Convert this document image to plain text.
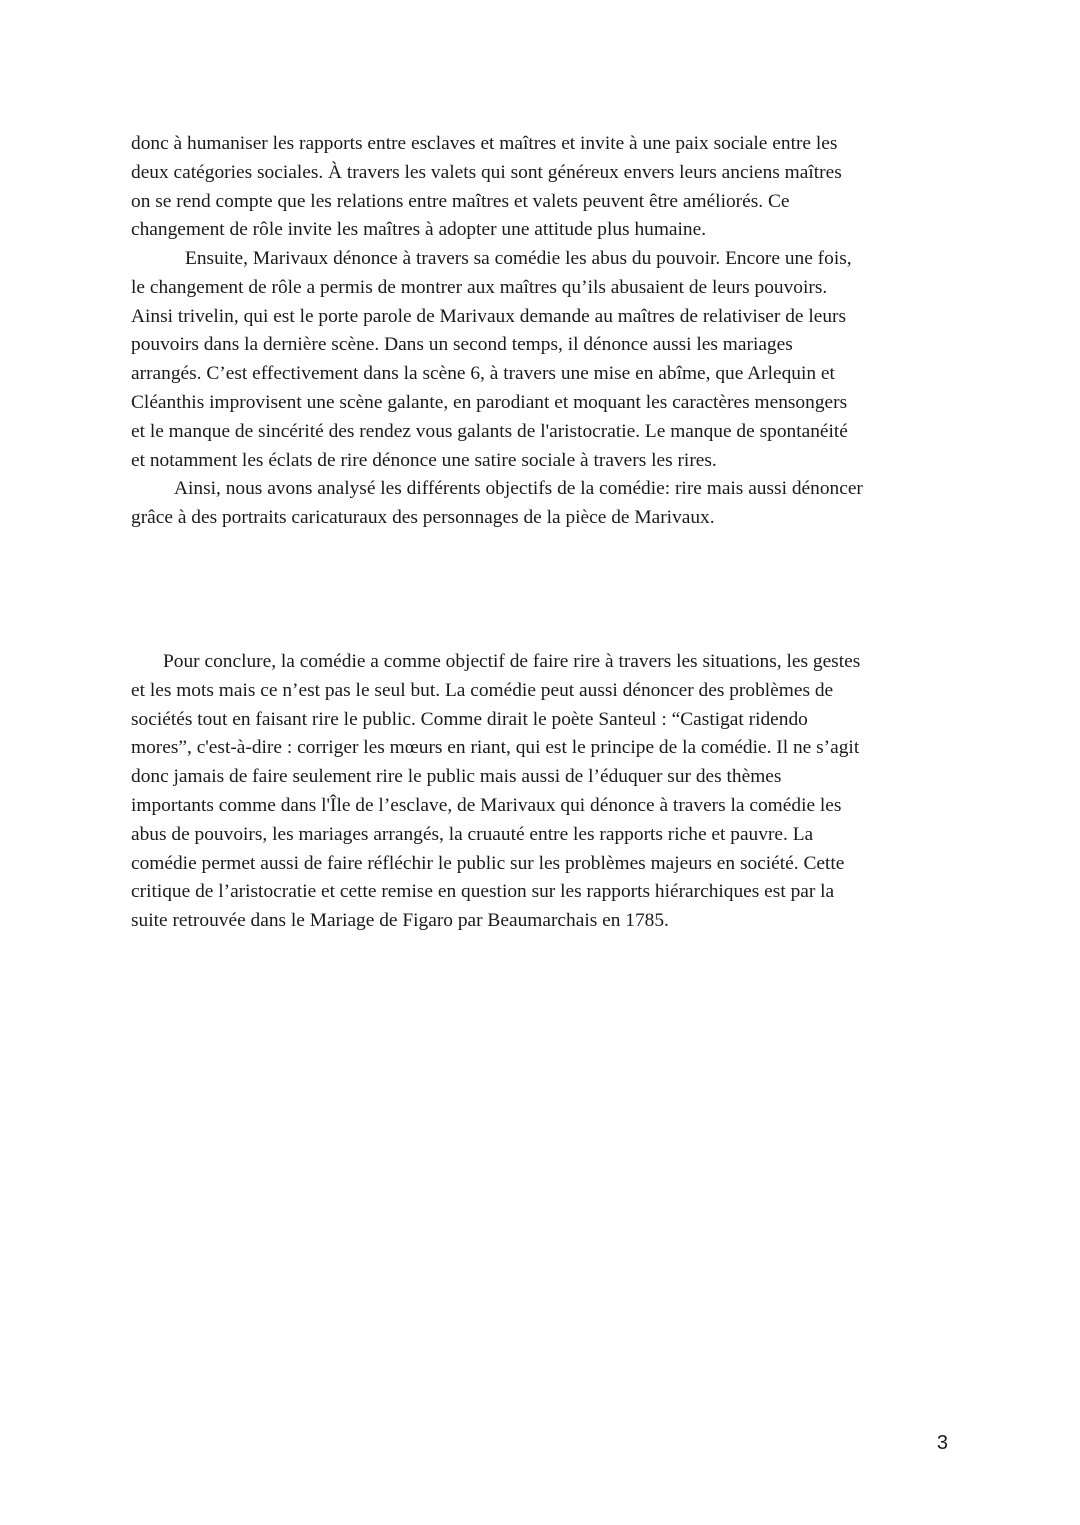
donc à humaniser les rapports entre esclaves et maîtres et invite à une paix sociale entre les
deux catégories sociales. À travers les valets qui sont généreux envers leurs anciens maîtres
on se rend compte que les relations entre maîtres et valets peuvent être améliorés. Ce
changement de rôle invite les maîtres à adopter une attitude plus humaine.

Ensuite, Marivaux dénonce à travers sa comédie les abus du pouvoir. Encore une fois,
le changement de rôle a permis de montrer aux maîtres qu’ils abusaient de leurs pouvoirs.
Ainsi trivelin, qui est le porte parole de Marivaux demande au maîtres de relativiser de leurs
pouvoirs dans la dernière scène. Dans un second temps, il dénonce aussi les mariages
arrangés. C’est effectivement dans la scène 6, à travers une mise en abîme, que Arlequin et
Cléanthis improvisent une scène galante, en parodiant et moquant les caractères mensongers
et le manque de sincérité des rendez vous galants de l'aristocratie. Le manque de spontanéité
et notamment les éclats de rire dénonce une satire sociale à travers les rires.

Ainsi, nous avons analysé les différents objectifs de la comédie: rire mais aussi dénoncer
grâce à des portraits caricaturaux des personnages de la pièce de Marivaux.

Pour conclure, la comédie a comme objectif de faire rire à travers les situations, les gestes
et les mots mais ce n’est pas le seul but. La comédie peut aussi dénoncer des problèmes de
sociétés tout en faisant rire le public. Comme dirait le poète Santeul : “Castigat ridendo
mores”, c'est-à-dire : corriger les mœurs en riant, qui est le principe de la comédie. Il ne s’agit
donc jamais de faire seulement rire le public mais aussi de l’éduquer sur des thèmes
importants comme dans l'Île de l’esclave, de Marivaux qui dénonce à travers la comédie les
abus de pouvoirs, les mariages arrangés, la cruauté entre les rapports riche et pauvre. La
comédie permet aussi de faire réfléchir le public sur les problèmes majeurs en société. Cette
critique de l’aristocratie et cette remise en question sur les rapports hiérarchiques est par la
suite retrouvée dans le Mariage de Figaro par Beaumarchais en 1785.

3
